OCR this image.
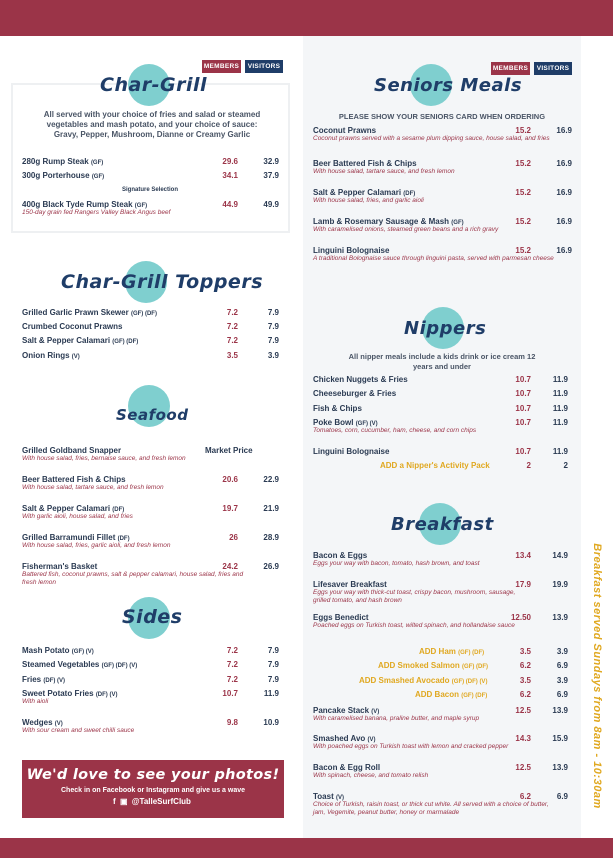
Breakfast served Sundays from 8am - 10:30am
MEMBERS	VISITORS
Char-Grill
All served with your choice of fries and salad or steamed vegetables and mash potato, and your choice of sauce: Gravy, Pepper, Mushroom, Dianne or Creamy Garlic
280g Rump Steak (GF)	29.6	32.9
300g Porterhouse (GF)	34.1	37.9
Signature Selection
400g Black Tyde Rump Steak (GF)
150-day grain fed Rangers Valley Black Angus beef
44.9	49.9
Char-Grill Toppers
Grilled Garlic Prawn Skewer (GF) (DF)	7.2	7.9
Crumbed Coconut Prawns	7.2	7.9
Salt & Pepper Calamari (GF) (DF)	7.2	7.9
Onion Rings (V)	3.5	3.9
Seafood
Grilled Goldband Snapper
With house salad, fries, bernaise sauce, and fresh lemon
Market Price
Beer Battered Fish & Chips
With house salad, tartare sauce, and fresh lemon
20.6	22.9
Salt & Pepper Calamari (DF)
With garlic aioli, house salad, and fries
19.7	21.9
Grilled Barramundi Fillet (DF)
With house salad, fries, garlic aioli, and fresh lemon
26	28.9
Fisherman's Basket
Battered fish, coconut prawns, salt & pepper calamari, house salad, fries and fresh lemon
24.2	26.9
Sides
Mash Potato (GF) (V)	7.2	7.9
Steamed Vegetables (GF) (DF) (V)	7.2	7.9
Fries (DF) (V)	7.2	7.9
Sweet Potato Fries (DF) (V)
With aioli
10.7	11.9
Wedges (V)
With sour cream and sweet chilli sauce
9.8	10.9
We'd love to see your photos!
Check in on Facebook or Instagram and give us a wave
f ▣ @TalleSurfClub
MEMBERS	VISITORS
Seniors Meals
PLEASE SHOW YOUR SENIORS CARD WHEN ORDERING
Coconut Prawns
Coconut prawns served with a sesame plum dipping sauce, house salad, and fries
15.2	16.9
Beer Battered Fish & Chips
With house salad, tartare sauce, and fresh lemon
15.2	16.9
Salt & Pepper Calamari (DF)
With house salad, fries, and garlic aioli
15.2	16.9
Lamb & Rosemary Sausage & Mash (GF)
With caramelised onions, steamed green beans and a rich gravy
15.2	16.9
Linguini Bolognaise
A traditional Bolognaise sauce through linguini pasta, served with parmesan cheese
15.2	16.9
Nippers
All nipper meals include a kids drink or ice cream 12 years and under
Chicken Nuggets & Fries	10.7	11.9
Cheeseburger & Fries	10.7	11.9
Fish & Chips	10.7	11.9
Poke Bowl (GF) (V)
Tomatoes, corn, cucumber, ham, cheese, and corn chips
10.7	11.9
Linguini Bolognaise	10.7	11.9
ADD a Nipper's Activity Pack	2	2
Breakfast
Bacon & Eggs
Eggs your way with bacon, tomato, hash brown, and toast
13.4	14.9
Lifesaver Breakfast
Eggs your way with thick-cut toast, crispy bacon, mushroom, sausage, grilled tomato, and hash brown
17.9	19.9
Eggs Benedict
Poached eggs on Turkish toast, wilted spinach, and hollandaise sauce
12.50	13.9
ADD Ham (GF) (DF)	3.5	3.9
ADD Smoked Salmon (GF) (DF)	6.2	6.9
ADD Smashed Avocado (GF) (DF) (V)	3.5	3.9
ADD Bacon (GF) (DF)	6.2	6.9
Pancake Stack (V)
With caramelised banana, praline butter, and maple syrup
12.5	13.9
Smashed Avo (V)
With poached eggs on Turkish toast with lemon and cracked pepper
14.3	15.9
Bacon & Egg Roll
With spinach, cheese, and tomato relish
12.5	13.9
Toast (V)
Choice of Turkish, raisin toast, or thick cut white. All served with a choice of butter, jam, Vegemite, peanut butter, honey or marmalade
6.2	6.9
